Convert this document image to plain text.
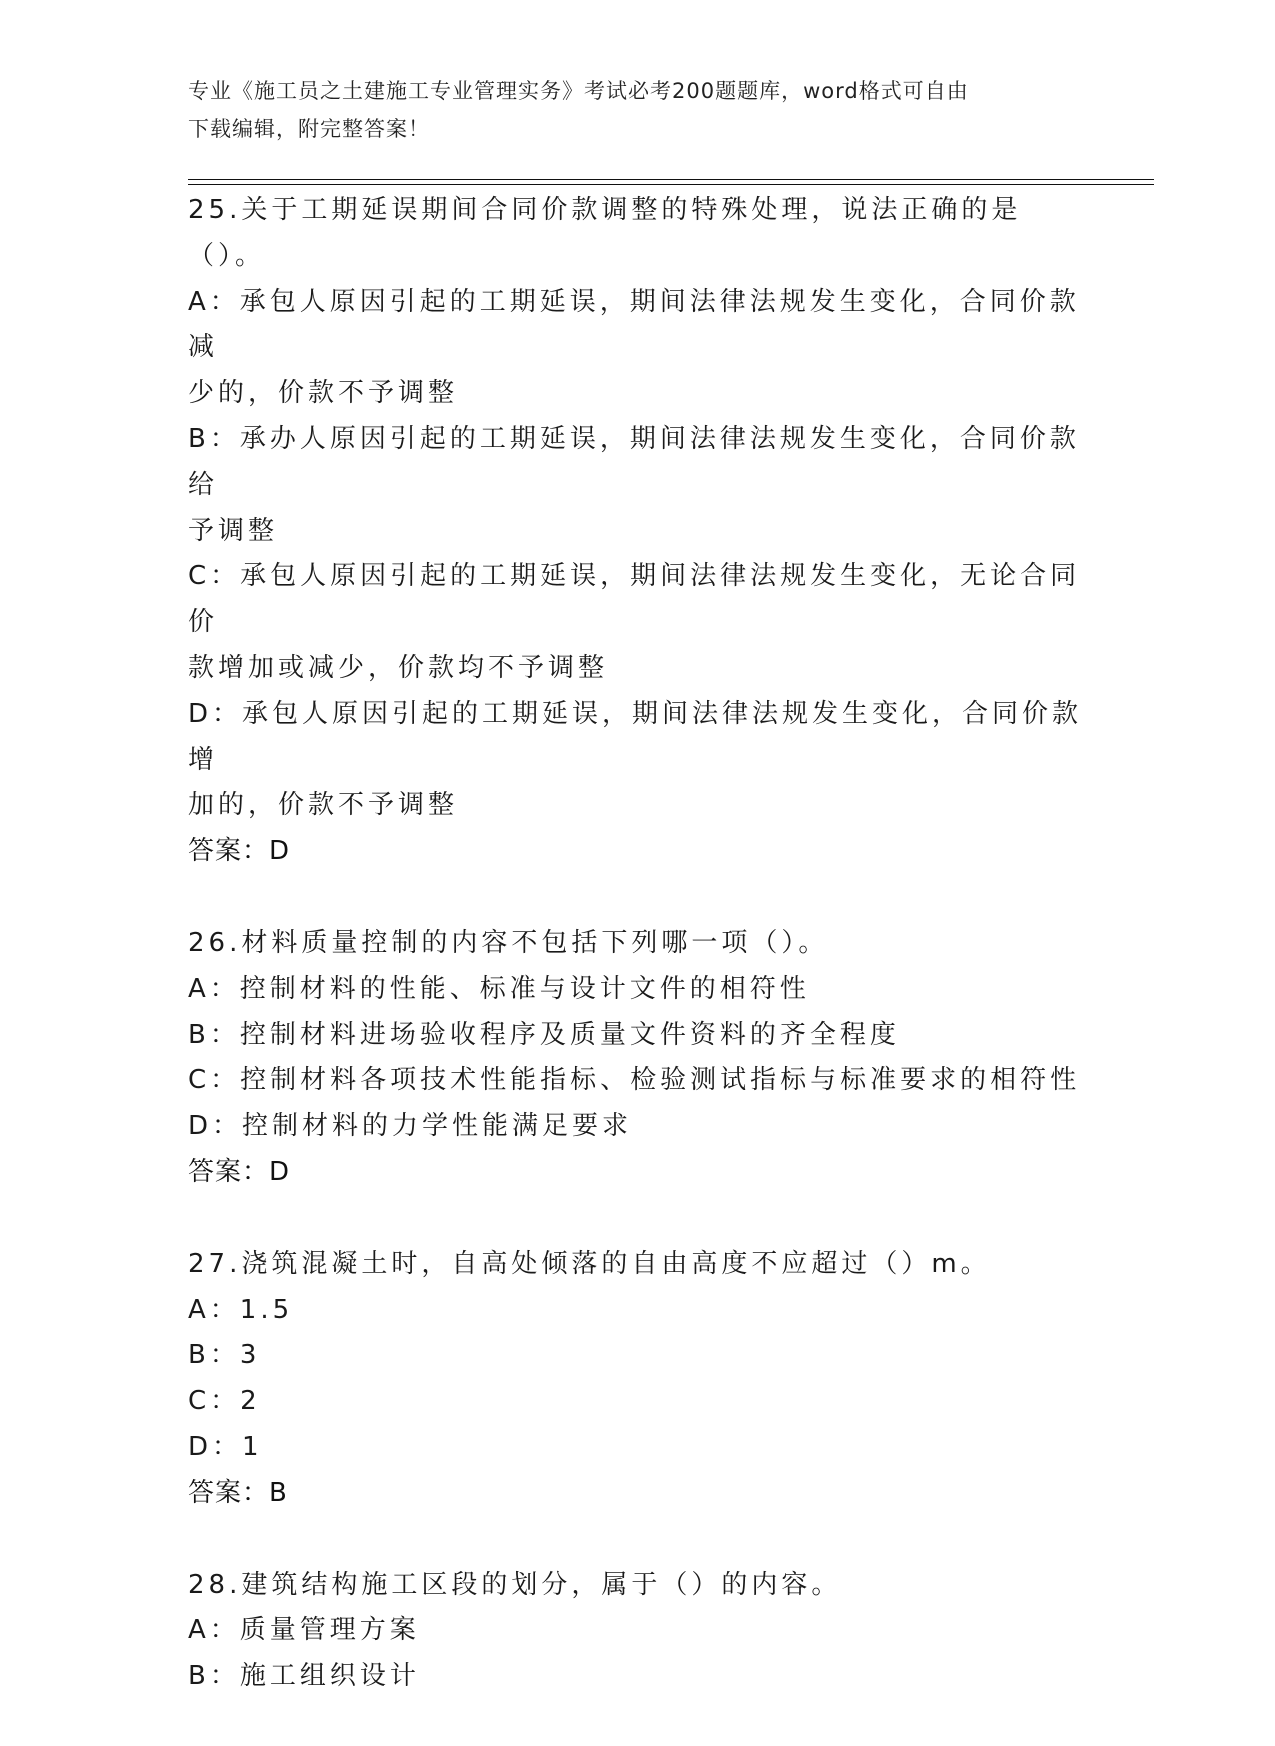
专业《施工员之土建施工专业管理实务》考试必考200题题库，word格式可自由
下载编辑，附完整答案！
25.关于工期延误期间合同价款调整的特殊处理，说法正确的是（）。
A：承包人原因引起的工期延误，期间法律法规发生变化，合同价款减
少的，价款不予调整
B：承办人原因引起的工期延误，期间法律法规发生变化，合同价款给
予调整
C：承包人原因引起的工期延误，期间法律法规发生变化，无论合同价
款增加或减少，价款均不予调整
D：承包人原因引起的工期延误，期间法律法规发生变化，合同价款增
加的，价款不予调整
答案：D
26.材料质量控制的内容不包括下列哪一项（）。
A：控制材料的性能、标准与设计文件的相符性
B：控制材料进场验收程序及质量文件资料的齐全程度
C：控制材料各项技术性能指标、检验测试指标与标准要求的相符性
D：控制材料的力学性能满足要求
答案：D
27.浇筑混凝土时，自高处倾落的自由高度不应超过（）m。
A：1.5
B：3
C：2
D：1
答案：B
28.建筑结构施工区段的划分，属于（）的内容。
A：质量管理方案
B：施工组织设计
